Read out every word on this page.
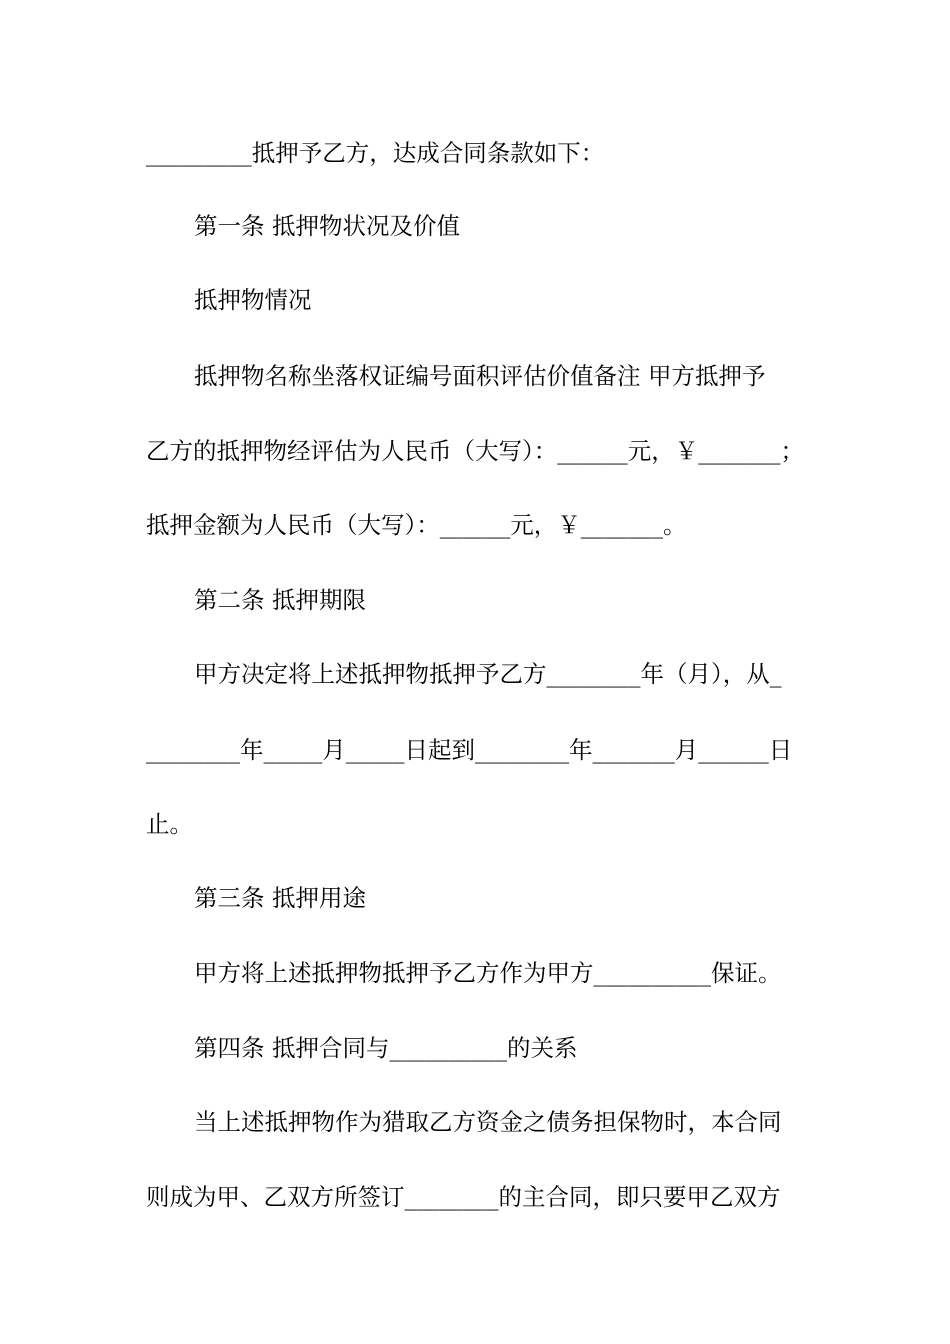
_________抵押予乙方，达成合同条款如下：
第一条 抵押物状况及价值
抵押物情况
抵押物名称坐落权证编号面积评估价值备注 甲方抵押予
乙方的抵押物经评估为人民币（大写）：______元，￥_______；
抵押金额为人民币（大写）：______元，￥_______。
第二条 抵押期限
甲方决定将上述抵押物抵押予乙方________年（月），从_
________年_____月_____日起到________年_______月______日
止。
第三条 抵押用途
甲方将上述抵押物抵押予乙方作为甲方__________保证。
第四条 抵押合同与__________的关系
当上述抵押物作为猎取乙方资金之债务担保物时，本合同
则成为甲、乙双方所签订________的主合同，即只要甲乙双方
